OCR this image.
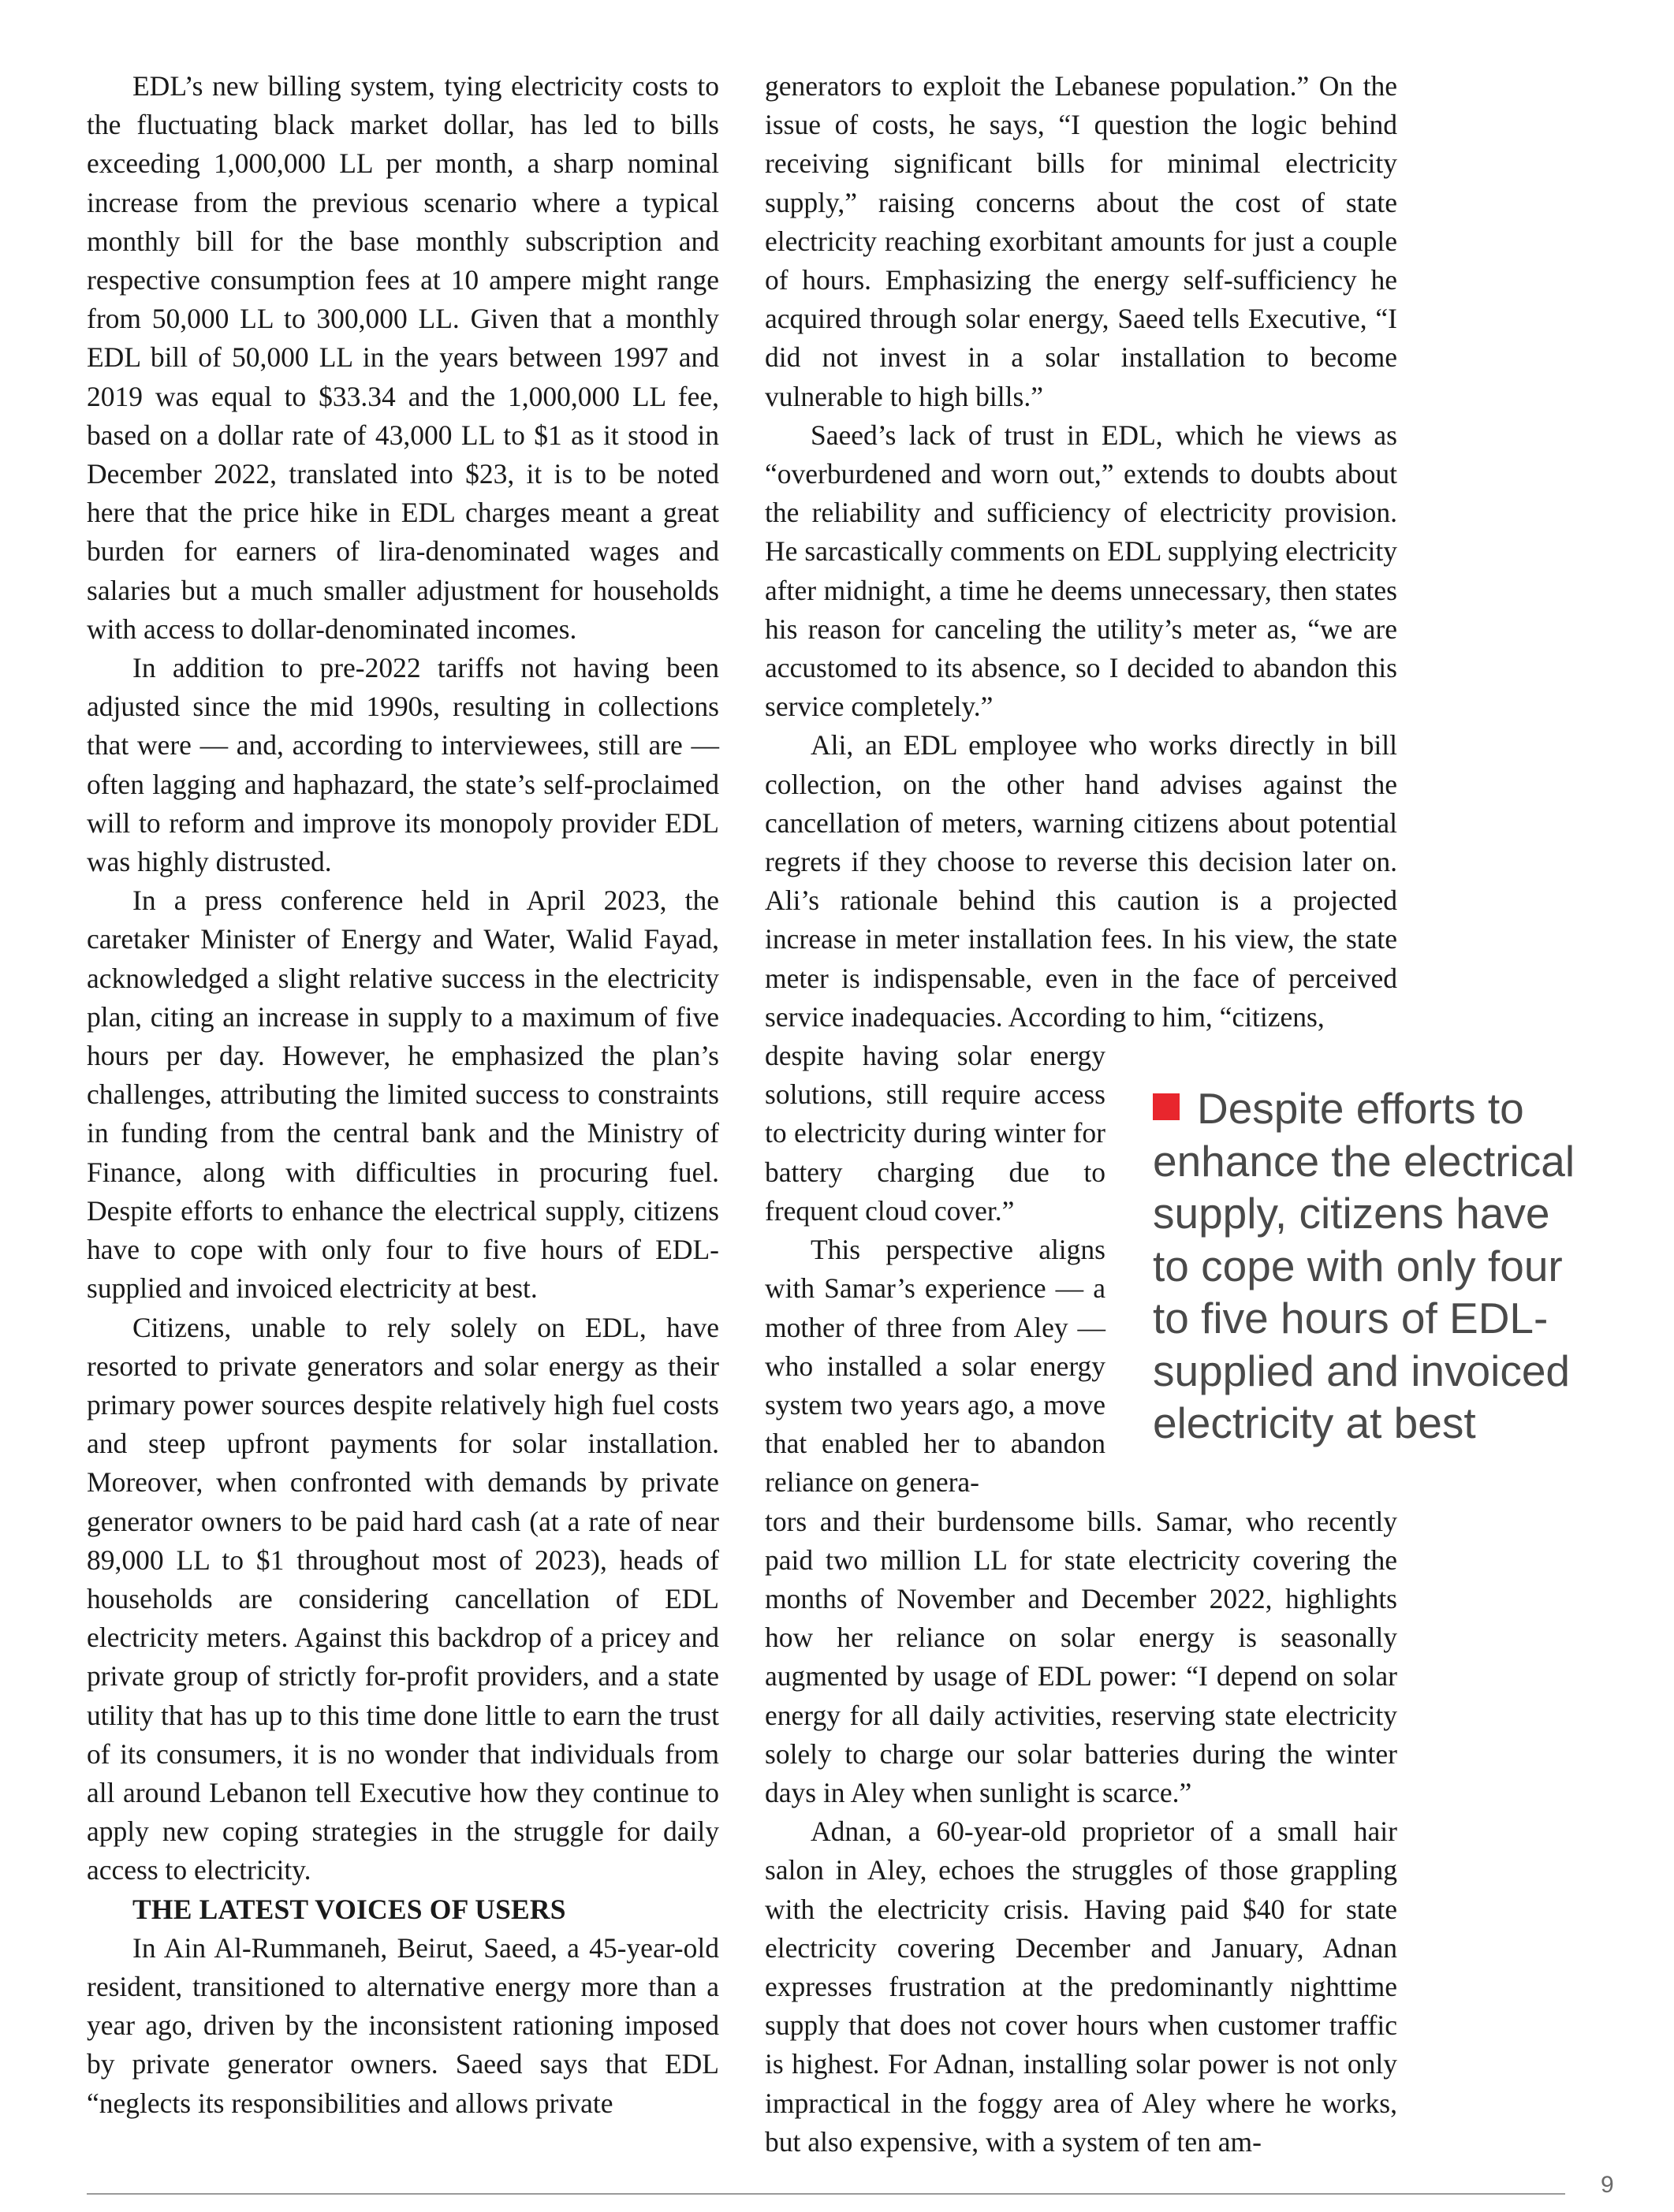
EDL’s new billing system, tying electricity costs to the fluctuating black market dollar, has led to bills exceeding 1,000,000 LL per month, a sharp nominal increase from the previous scenario where a typical monthly bill for the base monthly subscription and respective consumption fees at 10 ampere might range from 50,000 LL to 300,000 LL. Given that a monthly EDL bill of 50,000 LL in the years between 1997 and 2019 was equal to $33.34 and the 1,000,000 LL fee, based on a dollar rate of 43,000 LL to $1 as it stood in December 2022, translated into $23, it is to be noted here that the price hike in EDL charges meant a great burden for earners of lira-denominated wages and salaries but a much smaller adjustment for households with access to dollar-denominated incomes.

In addition to pre-2022 tariffs not having been adjusted since the mid 1990s, resulting in collections that were — and, according to interviewees, still are — often lagging and haphazard, the state’s self-proclaimed will to reform and improve its monopoly provider EDL was highly distrusted.

In a press conference held in April 2023, the caretaker Minister of Energy and Water, Walid Fayad, acknowledged a slight relative success in the electricity plan, citing an increase in supply to a maximum of five hours per day. However, he emphasized the plan’s challenges, attributing the limited success to constraints in funding from the central bank and the Ministry of Finance, along with difficulties in procuring fuel. Despite efforts to enhance the electrical supply, citizens have to cope with only four to five hours of EDL-supplied and invoiced electricity at best.

Citizens, unable to rely solely on EDL, have resorted to private generators and solar energy as their primary power sources despite relatively high fuel costs and steep upfront payments for solar installation. Moreover, when confronted with demands by private generator owners to be paid hard cash (at a rate of near 89,000 LL to $1 throughout most of 2023), heads of households are considering cancellation of EDL electricity meters. Against this backdrop of a pricey and private group of strictly for-profit providers, and a state utility that has up to this time done little to earn the trust of its consumers, it is no wonder that individuals from all around Lebanon tell Executive how they continue to apply new coping strategies in the struggle for daily access to electricity.

THE LATEST VOICES OF USERS

In Ain Al-Rummaneh, Beirut, Saeed, a 45-year-old resident, transitioned to alternative energy more than a year ago, driven by the inconsistent rationing imposed by private generator owners. Saeed says that EDL “neglects its responsibilities and allows private

generators to exploit the Lebanese population.” On the issue of costs, he says, “I question the logic behind receiving significant bills for minimal electricity supply,” raising concerns about the cost of state electricity reaching exorbitant amounts for just a couple of hours. Emphasizing the energy self-sufficiency he acquired through solar energy, Saeed tells Executive, “I did not invest in a solar installation to become vulnerable to high bills.”

Saeed’s lack of trust in EDL, which he views as “overburdened and worn out,” extends to doubts about the reliability and sufficiency of electricity provision. He sarcastically comments on EDL supplying electricity after midnight, a time he deems unnecessary, then states his reason for canceling the utility’s meter as, “we are accustomed to its absence, so I decided to abandon this service completely.”

Ali, an EDL employee who works directly in bill collection, on the other hand advises against the cancellation of meters, warning citizens about potential regrets if they choose to reverse this decision later on. Ali’s rationale behind this caution is a projected increase in meter installation fees. In his view, the state meter is indispensable, even in the face of perceived service inadequacies. According to him, “citizens,

despite having solar energy solutions, still require access to electricity during winter for battery charging due to frequent cloud cover.”

This perspective aligns with Samar’s experience — a mother of three from Aley —who installed a solar energy system two years ago, a move that enabled her to abandon reliance on genera-

tors and their burdensome bills. Samar, who recently paid two million LL for state electricity covering the months of November and December 2022, highlights how her reliance on solar energy is seasonally augmented by usage of EDL power: “I depend on solar energy for all daily activities, reserving state electricity solely to charge our solar batteries during the winter days in Aley when sunlight is scarce.”

Adnan, a 60-year-old proprietor of a small hair salon in Aley, echoes the struggles of those grappling with the electricity crisis. Having paid $40 for state electricity covering December and January, Adnan expresses frustration at the predominantly nighttime supply that does not cover hours when customer traffic is highest. For Adnan, installing solar power is not only impractical in the foggy area of Aley where he works, but also expensive, with a system of ten am-

Despite efforts to enhance the electrical supply, citizens have to cope with only four to five hours of EDL-supplied and invoiced electricity at best
9
